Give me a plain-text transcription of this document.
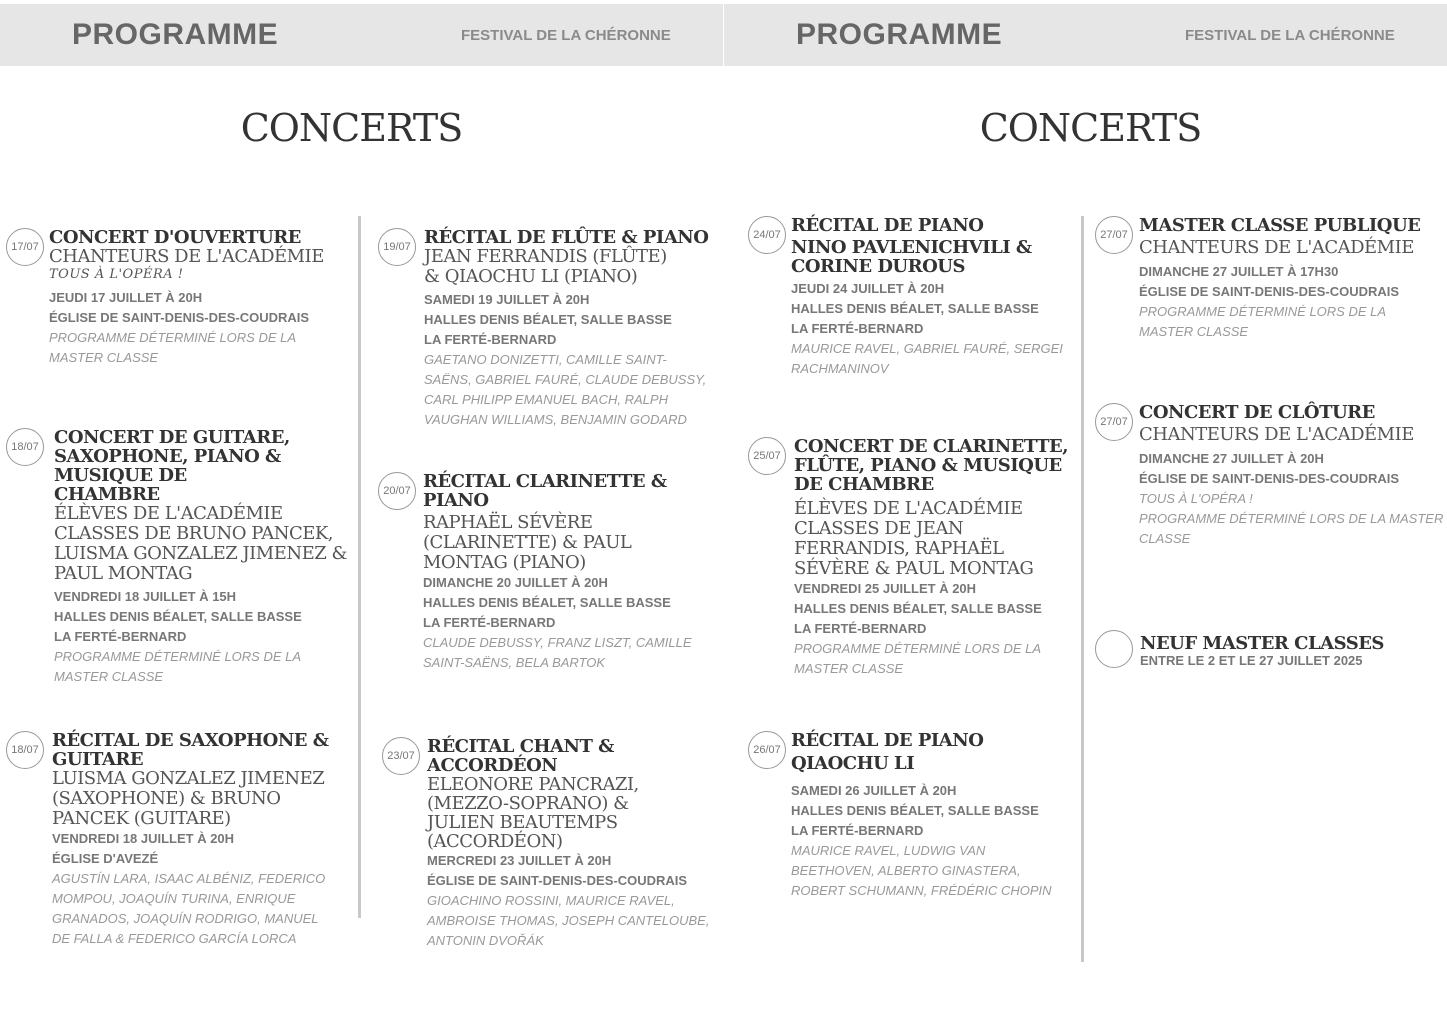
PROGRAMME	FESTIVAL DE LA CHÉRONNE
CONCERTS
17/07 CONCERT D'OUVERTURE
CHANTEURS DE L'ACADÉMIE
TOUS À L'OPÉRA !
JEUDI 17 JUILLET À 20H
ÉGLISE DE SAINT-DENIS-DES-COUDRAIS
PROGRAMME DÉTERMINÉ LORS DE LA MASTER CLASSE
18/07 CONCERT DE GUITARE, SAXOPHONE, PIANO & MUSIQUE DE CHAMBRE
ÉLÈVES DE L'ACADÉMIE CLASSES DE BRUNO PANCEK, LUISMA GONZALEZ JIMENEZ & PAUL MONTAG
VENDREDI 18 JUILLET À 15H
HALLES DENIS BÉALET, SALLE BASSE
LA FERTÉ-BERNARD
PROGRAMME DÉTERMINÉ LORS DE LA MASTER CLASSE
18/07 RÉCITAL DE SAXOPHONE & GUITARE
LUISMA GONZALEZ JIMENEZ (SAXOPHONE) & BRUNO PANCEK (GUITARE)
VENDREDI 18 JUILLET À 20H
ÉGLISE D'AVEZÉ
AGUSTÍN LARA, ISAAC ALBÉNIZ, FEDERICO MOMPOU, JOAQUÍN TURINA, ENRIQUE GRANADOS, JOAQUÍN RODRIGO, MANUEL DE FALLA & FEDERICO GARCÍA LORCA
19/07 RÉCITAL DE FLÛTE & PIANO
JEAN FERRANDIS (FLÛTE) & QIAOCHU LI (PIANO)
SAMEDI 19 JUILLET À 20H
HALLES DENIS BÉALET, SALLE BASSE
LA FERTÉ-BERNARD
GAETANO DONIZETTI, CAMILLE SAINT-SAËNS, GABRIEL FAURÉ, CLAUDE DEBUSSY, CARL PHILIPP EMANUEL BACH, RALPH VAUGHAN WILLIAMS, BENJAMIN GODARD
20/07 RÉCITAL CLARINETTE & PIANO
RAPHAËL SÉVÈRE (CLARINETTE) & PAUL MONTAG (PIANO)
DIMANCHE 20 JUILLET À 20H
HALLES DENIS BÉALET, SALLE BASSE
LA FERTÉ-BERNARD
CLAUDE DEBUSSY, FRANZ LISZT, CAMILLE SAINT-SAËNS, BELA BARTOK
23/07 RÉCITAL CHANT & ACCORDÉON
ELEONORE PANCRAZI, (MEZZO-SOPRANO) & JULIEN BEAUTEMPS (ACCORDÉON)
MERCREDI 23 JUILLET À 20H
ÉGLISE DE SAINT-DENIS-DES-COUDRAIS
GIOACHINO ROSSINI, MAURICE RAVEL, AMBROISE THOMAS, JOSEPH CANTELOUBE, ANTONIN DVOŘÁK
PROGRAMME	FESTIVAL DE LA CHÉRONNE
CONCERTS
24/07 RÉCITAL DE PIANO
NINO PAVLENICHVILI & CORINE DUROUS
JEUDI 24 JUILLET À 20H
HALLES DENIS BÉALET, SALLE BASSE
LA FERTÉ-BERNARD
MAURICE RAVEL, GABRIEL FAURÉ, SERGEI RACHMANINOV
25/07 CONCERT DE CLARINETTE, FLÛTE, PIANO & MUSIQUE DE CHAMBRE
ÉLÈVES DE L'ACADÉMIE CLASSES DE JEAN FERRANDIS, RAPHAËL SÉVÈRE & PAUL MONTAG
VENDREDI 25 JUILLET À 20H
HALLES DENIS BÉALET, SALLE BASSE
LA FERTÉ-BERNARD
PROGRAMME DÉTERMINÉ LORS DE LA MASTER CLASSE
26/07 RÉCITAL DE PIANO
QIAOCHU LI
SAMEDI 26 JUILLET À 20H
HALLES DENIS BÉALET, SALLE BASSE
LA FERTÉ-BERNARD
MAURICE RAVEL, LUDWIG VAN BEETHOVEN, ALBERTO GINASTERA, ROBERT SCHUMANN, FRÉDÉRIC CHOPIN
27/07 MASTER CLASSE PUBLIQUE
CHANTEURS DE L'ACADÉMIE
DIMANCHE 27 JUILLET À 17H30
ÉGLISE DE SAINT-DENIS-DES-COUDRAIS
PROGRAMME DÉTERMINÉ LORS DE LA MASTER CLASSE
27/07 CONCERT DE CLÔTURE
CHANTEURS DE L'ACADÉMIE
DIMANCHE 27 JUILLET À 20H
ÉGLISE DE SAINT-DENIS-DES-COUDRAIS
TOUS À L'OPÉRA !
PROGRAMME DÉTERMINÉ LORS DE LA MASTER CLASSE
NEUF MASTER CLASSES
ENTRE LE 2 ET LE 27 JUILLET 2025
